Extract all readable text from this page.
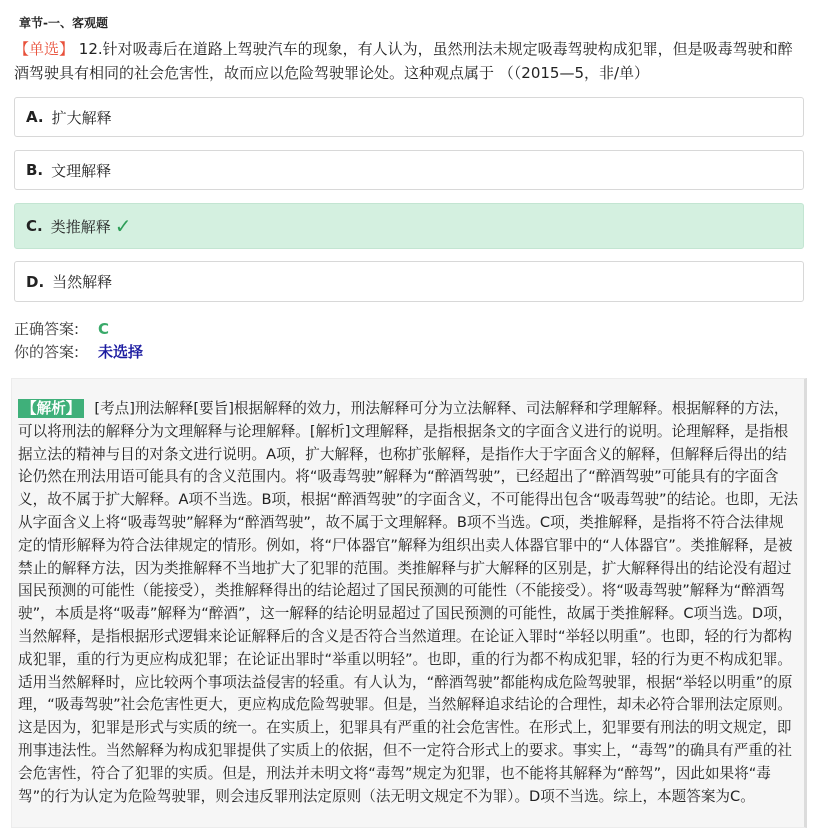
章节-一、客观题
【单选】 12.针对吸毒后在道路上驾驶汽车的现象，有人认为，虽然刑法未规定吸毒驾驶构成犯罪，但是吸毒驾驶和醉酒驾驶具有相同的社会危害性，故而应以危险驾驶罪论处。这种观点属于 （（2015—5，非/单）
A. 扩大解释
B. 文理解释
C. 类推解释 ✓
D. 当然解释
正确答案: C
你的答案: 未选择
【解析】 [考点]刑法解释[要旨]根据解释的效力，刑法解释可分为立法解释、司法解释和学理解释。根据解释的方法，可以将刑法的解释分为文理解释与论理解释。[解析]文理解释，是指根据条文的字面含义进行的说明。论理解释，是指根据立法的精神与目的对条文进行说明。A项，扩大解释，也称扩张解释，是指作大于字面含义的解释，但解释后得出的结论仍然在刑法用语可能具有的含义范围内。将“吸毒驾驶”解释为“醉酒驾驶”，已经超出了“醉酒驾驶”可能具有的字面含义，故不属于扩大解释。A项不当选。B项，根据“醉酒驾驶”的字面含义，不可能得出包含“吸毒驾驶”的结论。也即，无法从字面含义上将“吸毒驾驶”解释为“醉酒驾驶”，故不属于文理解释。B项不当选。C项，类推解释，是指将不符合法律规定的情形解释为符合法律规定的情形。例如，将“尸体器官”解释为组织出卖人体器官罪中的“人体器官”。类推解释，是被禁止的解释方法，因为类推解释不当地扩大了犯罪的范围。类推解释与扩大解释的区别是，扩大解释得出的结论没有超过国民预测的可能性（能接受），类推解释得出的结论超过了国民预测的可能性（不能接受）。将“吸毒驾驶”解释为“醉酒驾驶”，本质是将“吸毒”解释为“醉酒”，这一解释的结论明显超过了国民预测的可能性，故属于类推解释。C项当选。D项，当然解释，是指根据形式逻辑来论证解释后的含义是否符合当然道理。在论证入罪时“举轻以明重”。也即，轻的行为都构成犯罪，重的行为更应构成犯罪；在论证出罪时“举重以明轻”。也即，重的行为都不构成犯罪，轻的行为更不构成犯罪。适用当然解释时，应比较两个事项法益侵害的轻重。有人认为，“醉酒驾驶”都能构成危险驾驶罪，根据“举轻以明重”的原理，“吸毒驾驶”社会危害性更大，更应构成危险驾驶罪。但是，当然解释追求结论的合理性，却未必符合罪刑法定原则。这是因为，犯罪是形式与实质的统一。在实质上，犯罪具有严重的社会危害性。在形式上，犯罪要有刑法的明文规定，即刑事违法性。当然解释为构成犯罪提供了实质上的依据，但不一定符合形式上的要求。事实上，“毒驾”的确具有严重的社会危害性，符合了犯罪的实质。但是，刑法并未明文将“毒驾”规定为犯罪，也不能将其解释为“醉驾”，因此如果将“毒驾”的行为认定为危险驾驶罪，则会违反罪刑法定原则（法无明文规定不为罪）。D项不当选。综上，本题答案为C。
